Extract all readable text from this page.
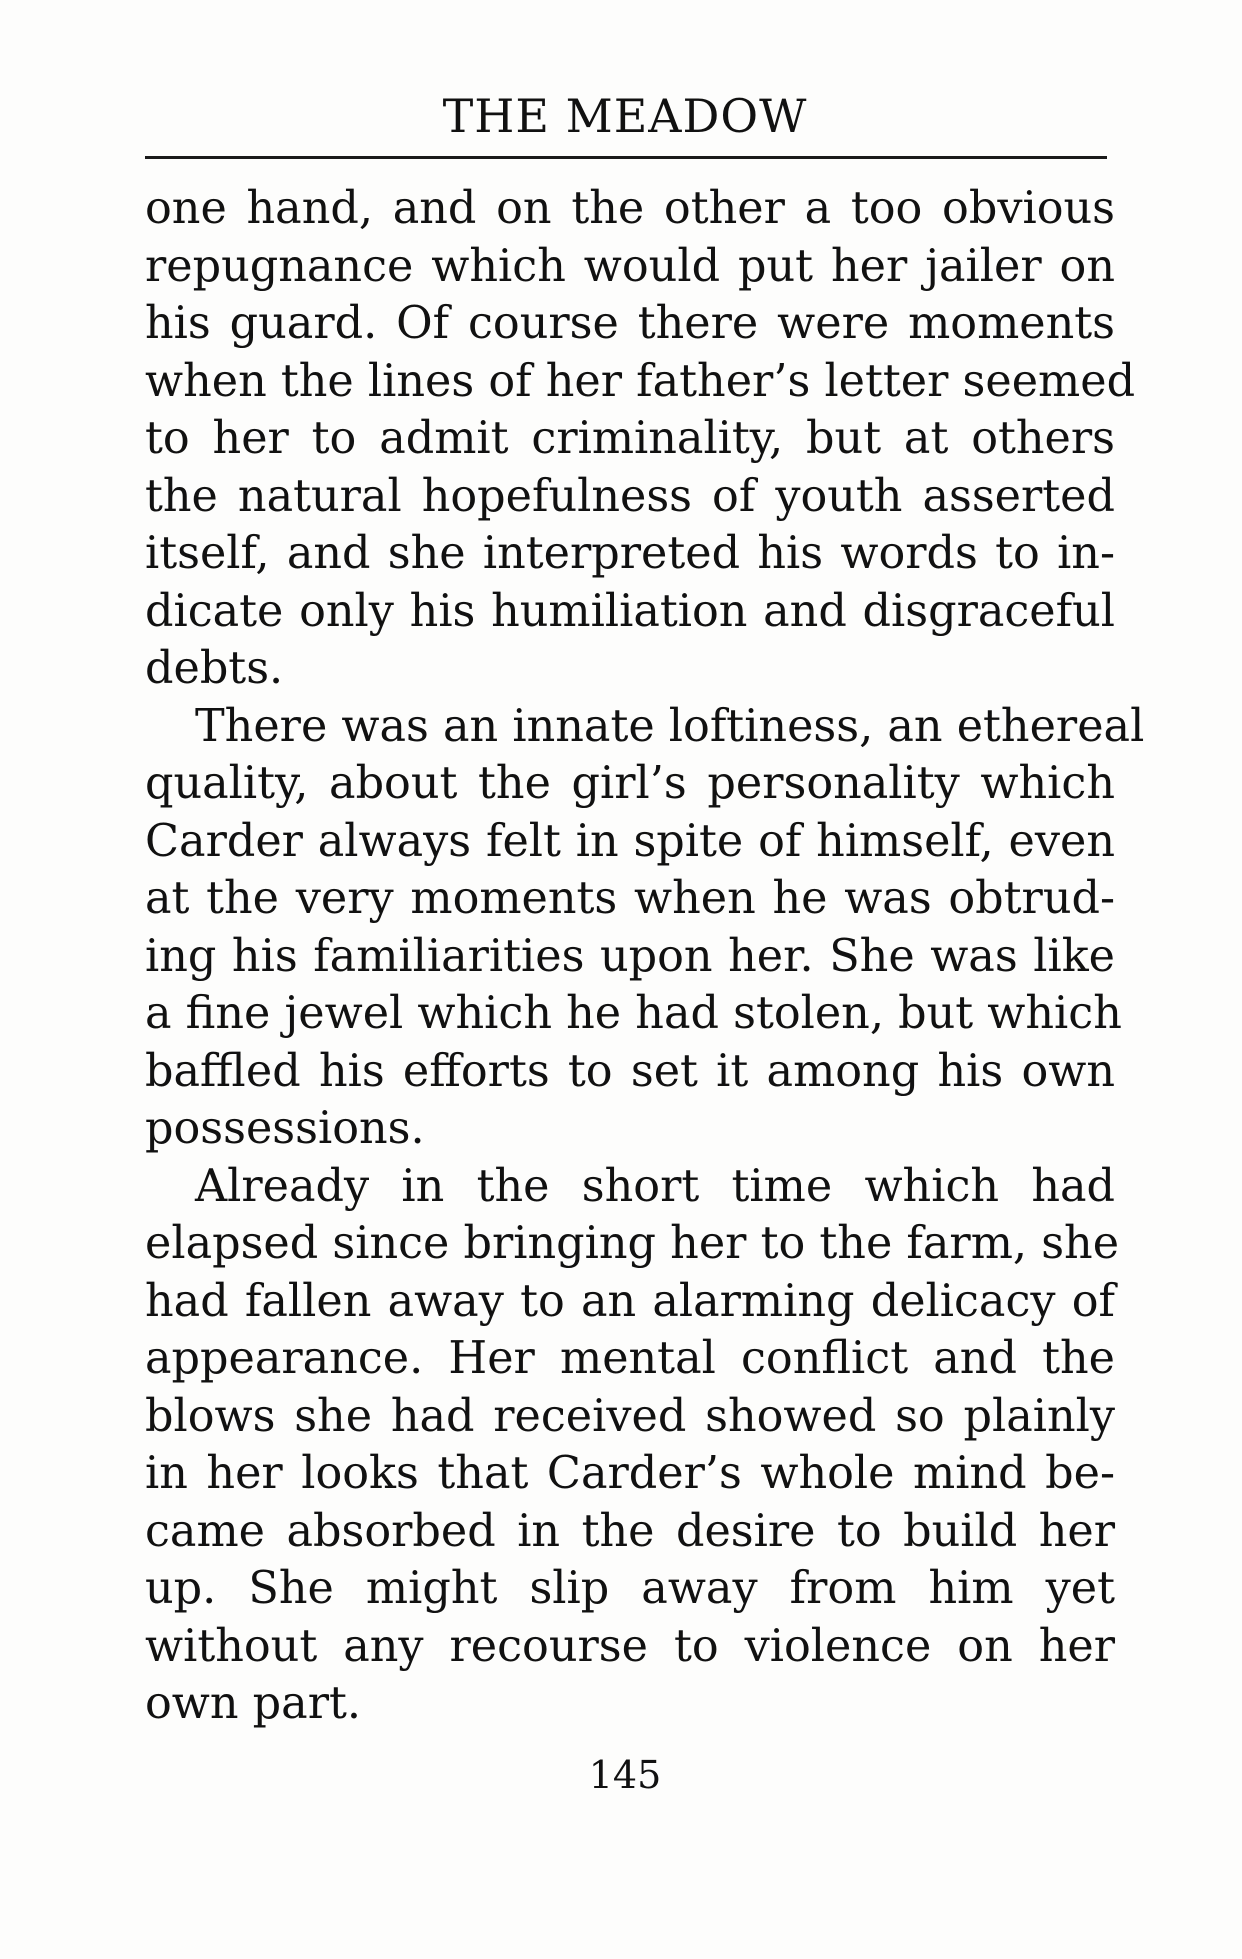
THE MEADOW
one hand, and on the other a too obvious
repugnance which would put her jailer on
his guard. Of course there were moments
when the lines of her father’s letter seemed
to her to admit criminality, but at others
the natural hopefulness of youth asserted
itself, and she interpreted his words to in-
dicate only his humiliation and disgraceful
debts.
There was an innate loftiness, an ethereal
quality, about the girl’s personality which
Carder always felt in spite of himself, even
at the very moments when he was obtrud-
ing his familiarities upon her. She was like
a fine jewel which he had stolen, but which
baffled his efforts to set it among his own
possessions.
Already in the short time which had
elapsed since bringing her to the farm, she
had fallen away to an alarming delicacy of
appearance. Her mental conflict and the
blows she had received showed so plainly
in her looks that Carder’s whole mind be-
came absorbed in the desire to build her
up. She might slip away from him yet
without any recourse to violence on her
own part.
145
